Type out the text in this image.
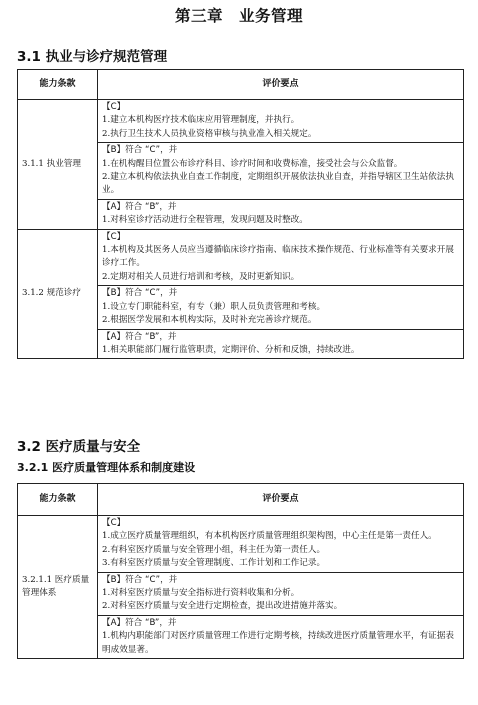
第三章　业务管理
3.1 执业与诊疗规范管理
能力条款	评价要点
3.1.1 执业管理	【C】
1.建立本机构医疗技术临床应用管理制度，并执行。
2.执行卫生技术人员执业资格审核与执业准入相关规定。

	【B】符合 “C”，并
1.在机构醒目位置公布诊疗科目、诊疗时间和收费标准，接受社会与公众监督。
2.建立本机构依法执业自查工作制度，定期组织开展依法执业自查，并指导辖区卫生站依法执业。

	【A】符合 “B”，并
1.对科室诊疗活动进行全程管理，发现问题及时整改。

3.1.2 规范诊疗	【C】
1.本机构及其医务人员应当遵循临床诊疗指南、临床技术操作规范、行业标准等有关要求开展诊疗工作。
2.定期对相关人员进行培训和考核，及时更新知识。

	【B】符合 “C”，并
1.设立专门职能科室，有专（兼）职人员负责管理和考核。
2.根据医学发展和本机构实际，及时补充完善诊疗规范。

	【A】符合 “B”，并
1.相关职能部门履行监管职责，定期评价、分析和反馈，持续改进。
3.2 医疗质量与安全
3.2.1 医疗质量管理体系和制度建设
能力条款	评价要点
3.2.1.1 医疗质量管理体系	【C】
1.成立医疗质量管理组织，有本机构医疗质量管理组织架构图，中心主任是第一责任人。
2.有科室医疗质量与安全管理小组，科主任为第一责任人。
3.有科室医疗质量与安全管理制度、工作计划和工作记录。

	【B】符合 “C”，并
1.对科室医疗质量与安全指标进行资料收集和分析。
2.对科室医疗质量与安全进行定期检查，提出改进措施并落实。

	【A】符合 “B”，并
1.机构内职能部门对医疗质量管理工作进行定期考核，持续改进医疗质量管理水平，有证据表明成效显著。
